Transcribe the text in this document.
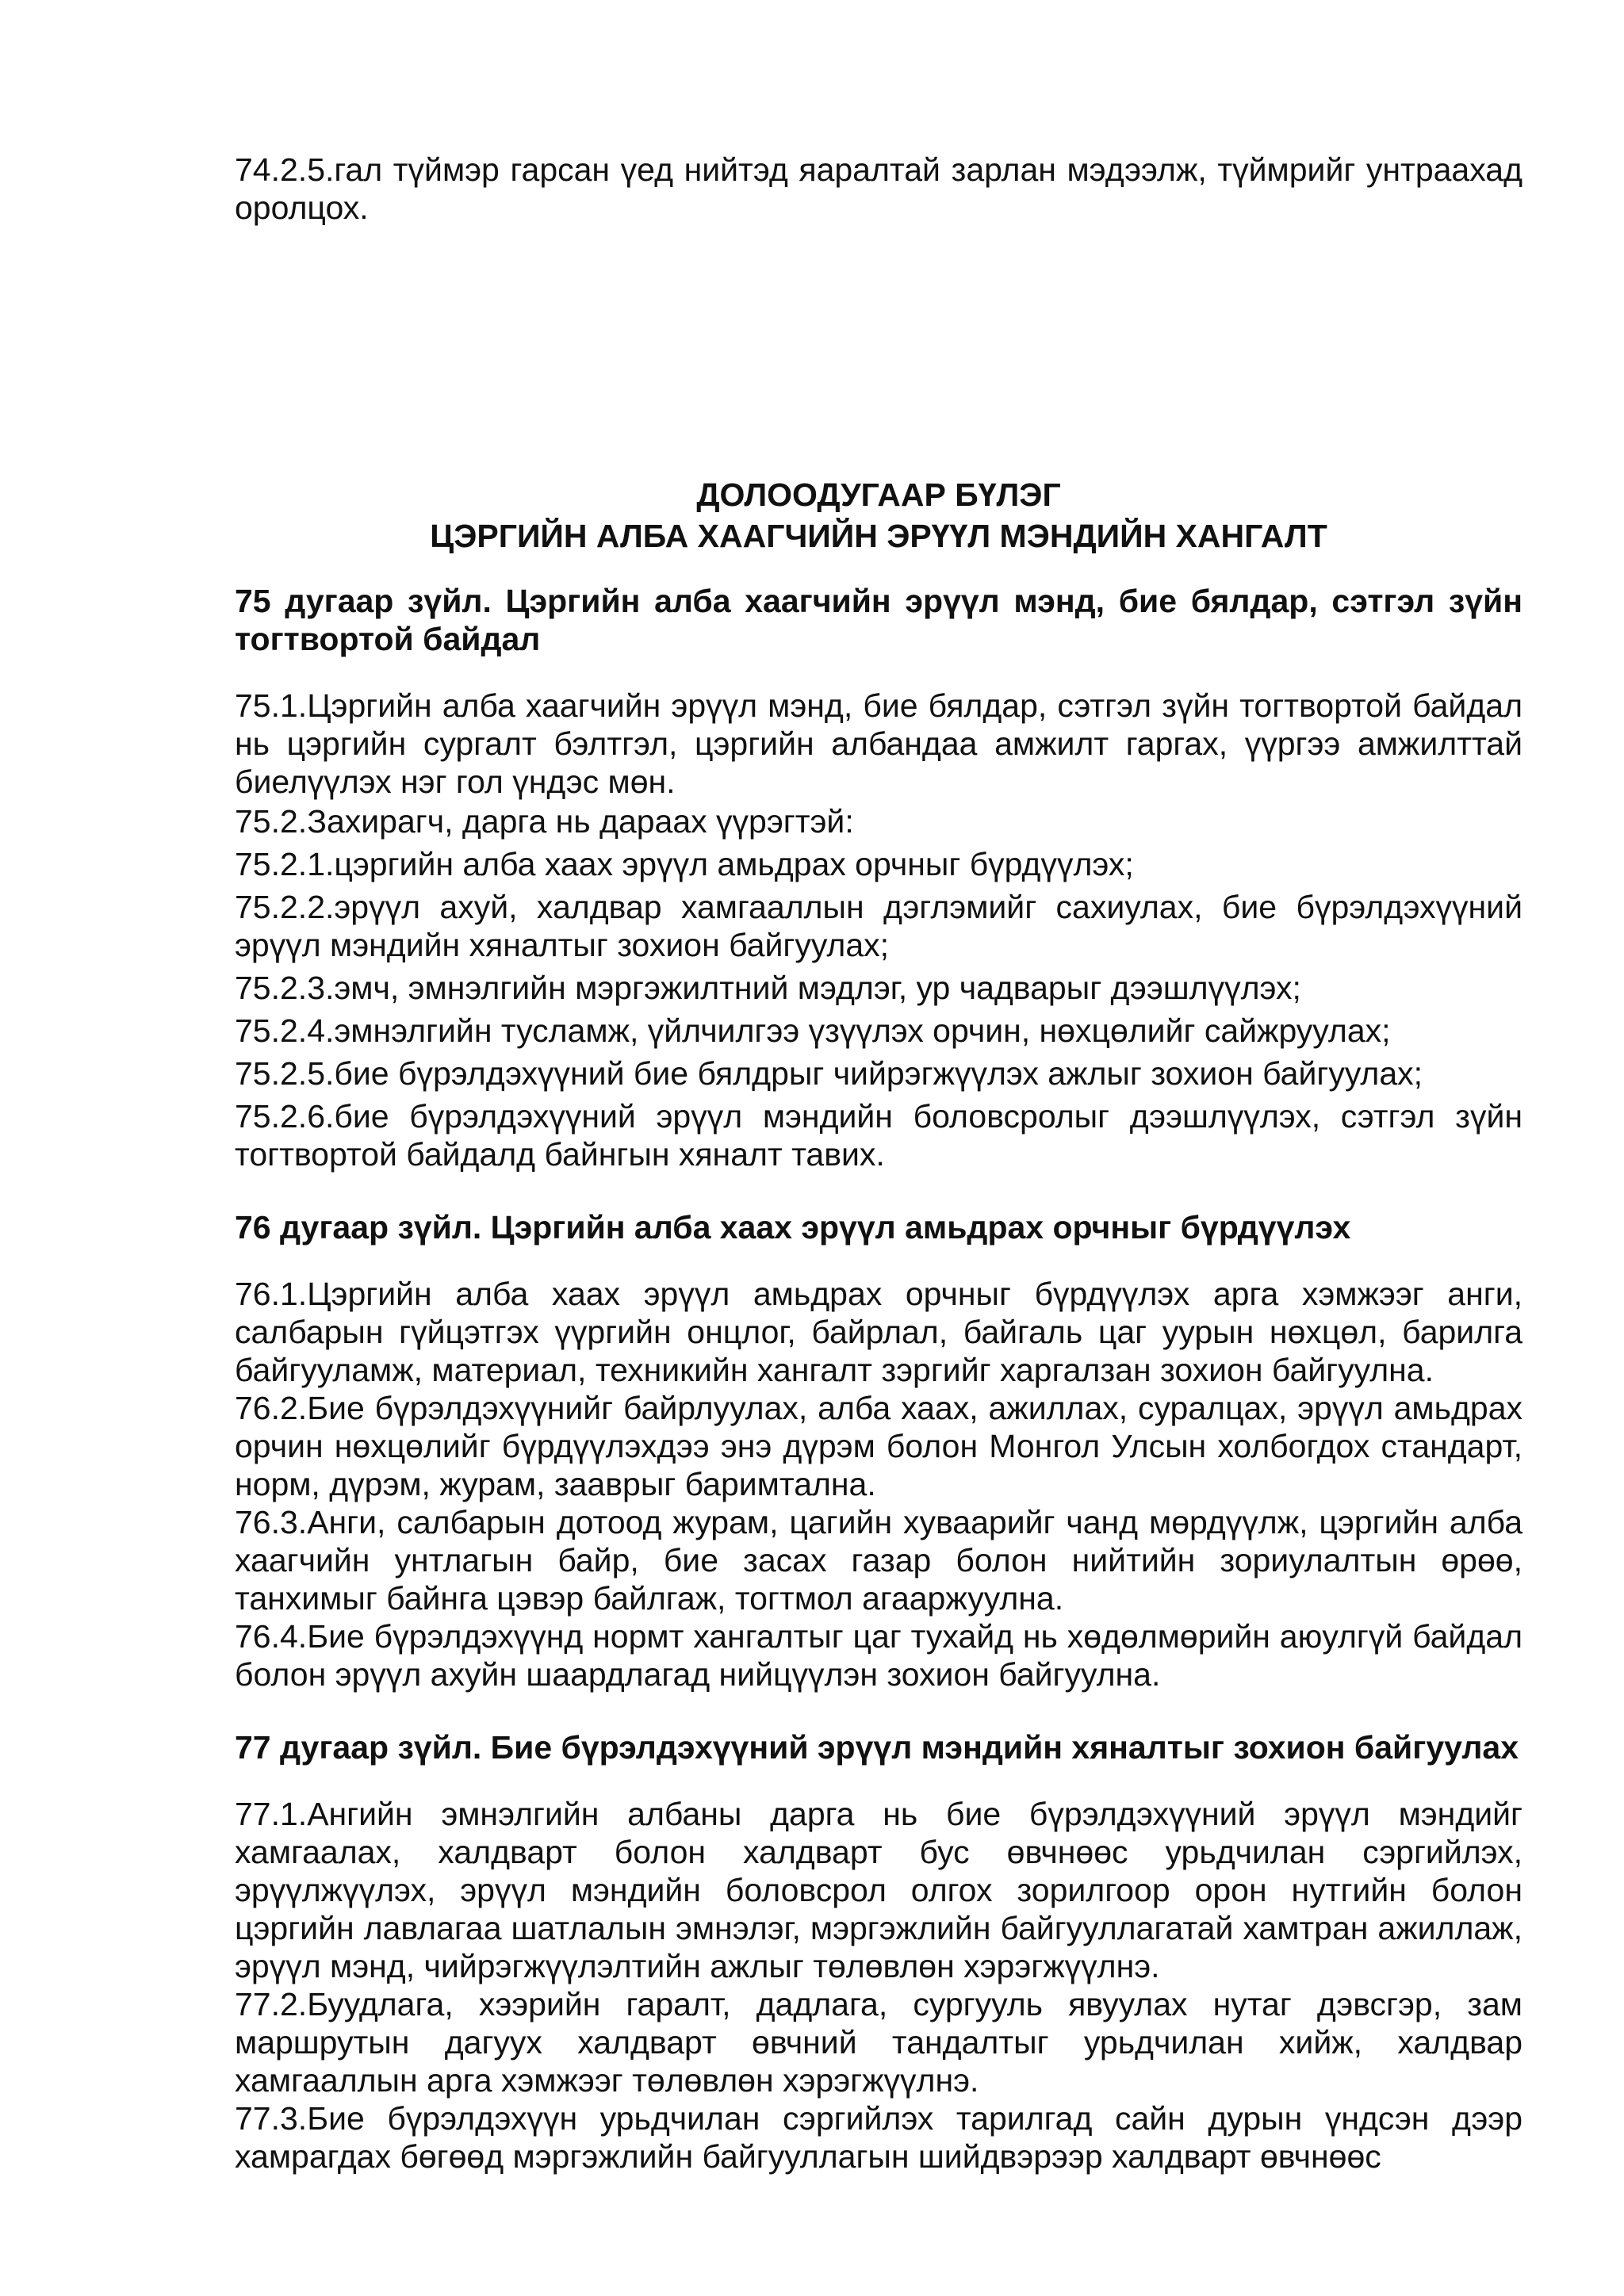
74.2.5.гал түймэр гарсан үед нийтэд яаралтай зарлан мэдээлж, түймрийг унтраахад оролцох.

ДОЛООДУГААР БҮЛЭГ
ЦЭРГИЙН АЛБА ХААГЧИЙН ЭРҮҮЛ МЭНДИЙН ХАНГАЛТ

75 дугаар зүйл. Цэргийн алба хаагчийн эрүүл мэнд, бие бялдар, сэтгэл зүйн тогтвортой байдал

75.1.Цэргийн алба хаагчийн эрүүл мэнд, бие бялдар, сэтгэл зүйн тогтвортой байдал нь цэргийн сургалт бэлтгэл, цэргийн албандаа амжилт гаргах, үүргээ амжилттай биелүүлэх нэг гол үндэс мөн.

75.2.Захирагч, дарга нь дараах үүрэгтэй:

75.2.1.цэргийн алба хаах эрүүл амьдрах орчныг бүрдүүлэх;

75.2.2.эрүүл ахуй, халдвар хамгааллын дэглэмийг сахиулах, бие бүрэлдэхүүний эрүүл мэндийн хяналтыг зохион байгуулах;

75.2.3.эмч, эмнэлгийн мэргэжилтний мэдлэг, ур чадварыг дээшлүүлэх;

75.2.4.эмнэлгийн тусламж, үйлчилгээ үзүүлэх орчин, нөхцөлийг сайжруулах;

75.2.5.бие бүрэлдэхүүний бие бялдрыг чийрэгжүүлэх ажлыг зохион байгуулах;

75.2.6.бие бүрэлдэхүүний эрүүл мэндийн боловсролыг дээшлүүлэх, сэтгэл зүйн тогтвортой байдалд байнгын хяналт тавих.

76 дугаар зүйл. Цэргийн алба хаах эрүүл амьдрах орчныг бүрдүүлэх

76.1.Цэргийн алба хаах эрүүл амьдрах орчныг бүрдүүлэх арга хэмжээг анги, салбарын гүйцэтгэх үүргийн онцлог, байрлал, байгаль цаг уурын нөхцөл, барилга байгууламж, материал, техникийн хангалт зэргийг харгалзан зохион байгуулна.

76.2.Бие бүрэлдэхүүнийг байрлуулах, алба хаах, ажиллах, суралцах, эрүүл амьдрах орчин нөхцөлийг бүрдүүлэхдээ энэ дүрэм болон Монгол Улсын холбогдох стандарт, норм, дүрэм, журам, зааврыг баримтална.

76.3.Анги, салбарын дотоод журам, цагийн хуваарийг чанд мөрдүүлж, цэргийн алба хаагчийн унтлагын байр, бие засах газар болон нийтийн зориулалтын өрөө, танхимыг байнга цэвэр байлгаж, тогтмол агааржуулна.

76.4.Бие бүрэлдэхүүнд нормт хангалтыг цаг тухайд нь хөдөлмөрийн аюулгүй байдал болон эрүүл ахуйн шаардлагад нийцүүлэн зохион байгуулна.

77 дугаар зүйл. Бие бүрэлдэхүүний эрүүл мэндийн хяналтыг зохион байгуулах

77.1.Ангийн эмнэлгийн албаны дарга нь бие бүрэлдэхүүний эрүүл мэндийг хамгаалах, халдварт болон халдварт бус өвчнөөс урьдчилан сэргийлэх, эрүүлжүүлэх, эрүүл мэндийн боловсрол олгох зорилгоор орон нутгийн болон цэргийн лавлагаа шатлалын эмнэлэг, мэргэжлийн байгууллагатай хамтран ажиллаж, эрүүл мэнд, чийрэгжүүлэлтийн ажлыг төлөвлөн хэрэгжүүлнэ.

77.2.Буудлага, хээрийн гаралт, дадлага, сургууль явуулах нутаг дэвсгэр, зам маршрутын дагуух халдварт өвчний тандалтыг урьдчилан хийж, халдвар хамгааллын арга хэмжээг төлөвлөн хэрэгжүүлнэ.

77.3.Бие бүрэлдэхүүн урьдчилан сэргийлэх тарилгад сайн дурын үндсэн дээр хамрагдах бөгөөд мэргэжлийн байгууллагын шийдвэрээр халдварт өвчнөөс
